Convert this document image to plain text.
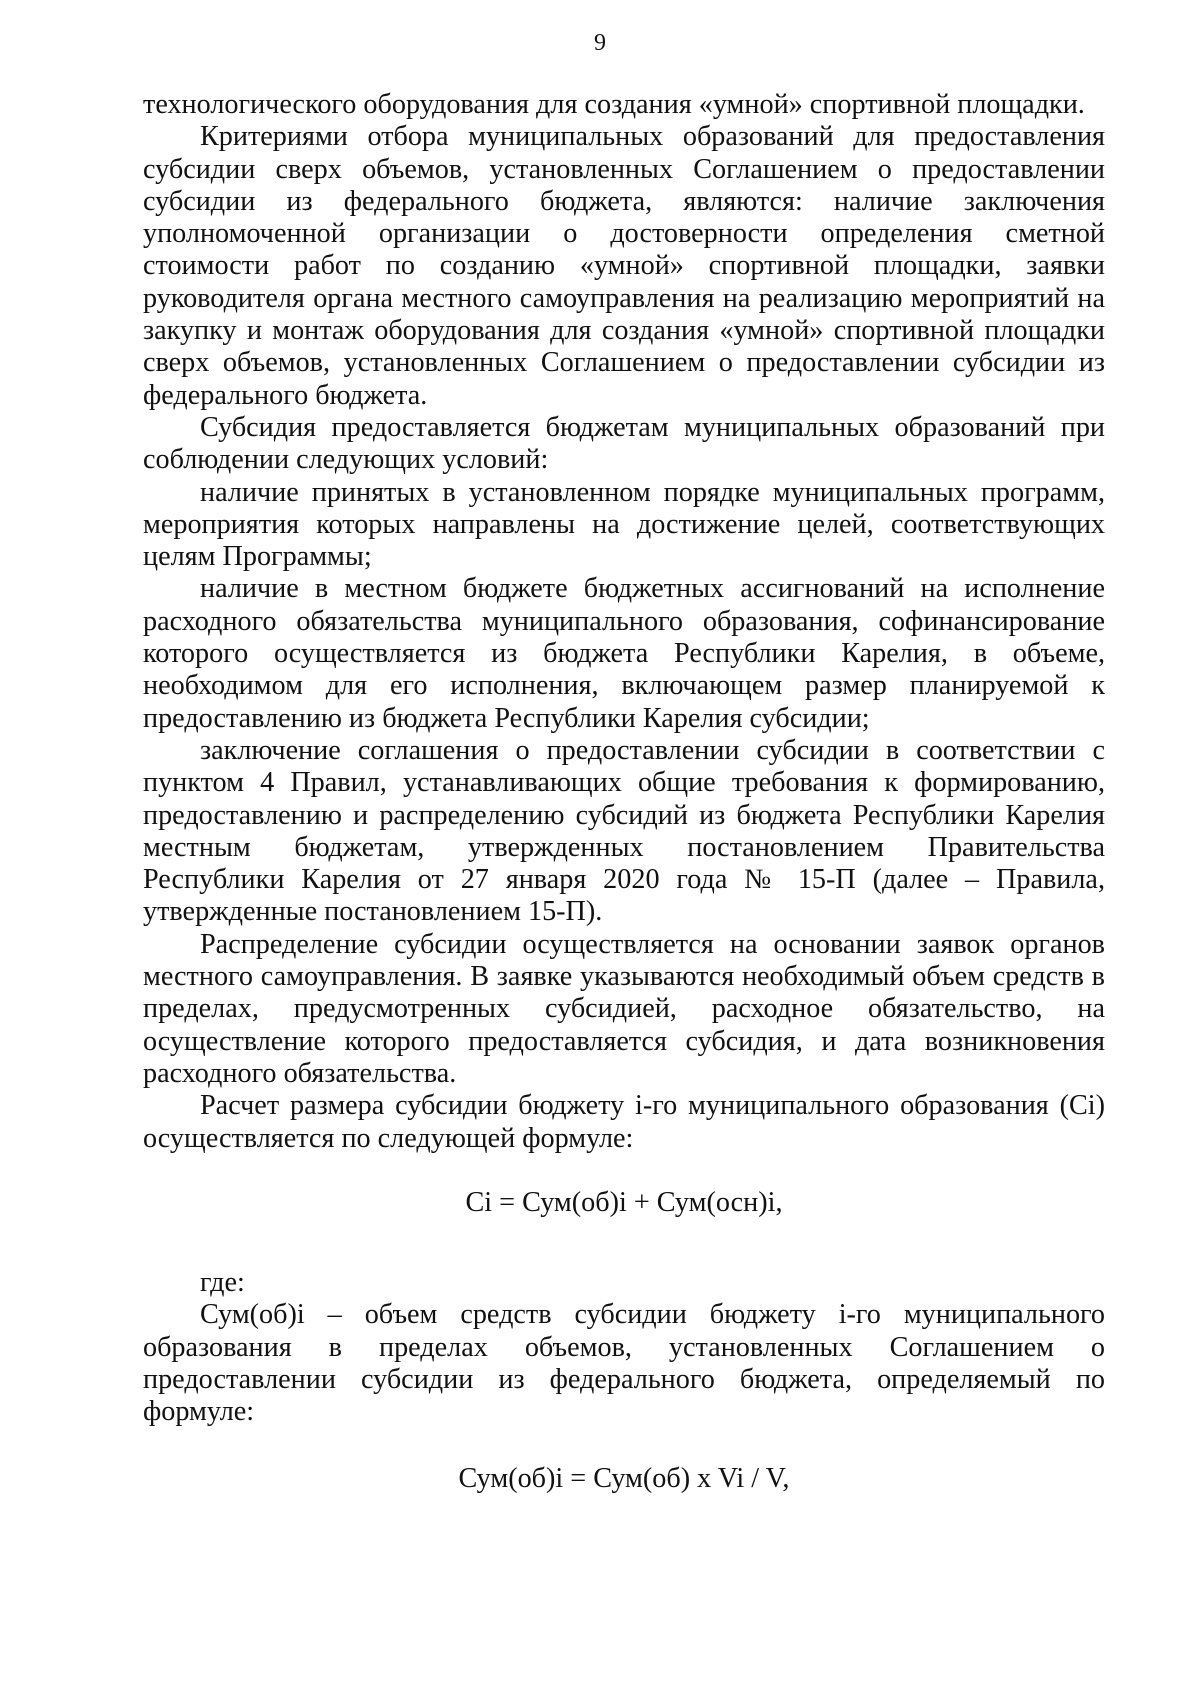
9

технологического оборудования для создания «умной» спортивной площадки.

Критериями отбора муниципальных образований для предоставления субсидии сверх объемов, установленных Соглашением о предоставлении субсидии из федерального бюджета, являются: наличие заключения уполномоченной организации о достоверности определения сметной стоимости работ по созданию «умной» спортивной площадки, заявки руководителя органа местного самоуправления на реализацию мероприятий на закупку и монтаж оборудования для создания «умной» спортивной площадки сверх объемов, установленных Соглашением о предоставлении субсидии из федерального бюджета.

Субсидия предоставляется бюджетам муниципальных образований при соблюдении следующих условий:

наличие принятых в установленном порядке муниципальных программ, мероприятия которых направлены на достижение целей, соответствующих целям Программы;

наличие в местном бюджете бюджетных ассигнований на исполнение расходного обязательства муниципального образования, софинансирование которого осуществляется из бюджета Республики Карелия, в объеме, необходимом для его исполнения, включающем размер планируемой к предоставлению из бюджета Республики Карелия субсидии;

заключение соглашения о предоставлении субсидии в соответствии с пунктом 4 Правил, устанавливающих общие требования к формированию, предоставлению и распределению субсидий из бюджета Республики Карелия местным бюджетам, утвержденных постановлением Правительства Республики Карелия от 27 января 2020 года № 15-П (далее – Правила, утвержденные постановлением 15-П).

Распределение субсидии осуществляется на основании заявок органов местного самоуправления. В заявке указываются необходимый объем средств в пределах, предусмотренных субсидией, расходное обязательство, на осуществление которого предоставляется субсидия, и дата возникновения расходного обязательства.

Расчет размера субсидии бюджету i-го муниципального образования (Сi) осуществляется по следующей формуле:

Сi = Сум(об)i + Сум(осн)i,

где:

Сум(об)i – объем средств субсидии бюджету i-го муниципального образования в пределах объемов, установленных Соглашением о предоставлении субсидии из федерального бюджета, определяемый по формуле:

Сум(об)i = Сум(об) x Vi / V,
